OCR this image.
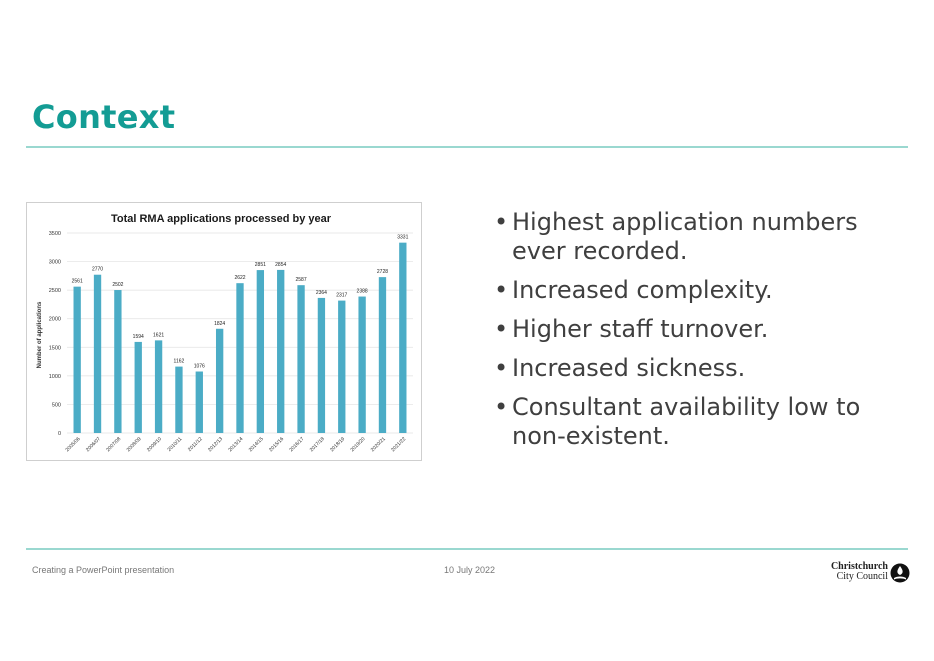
Context
Total RMA applications processed by year
Number of applications
0
500
1000
1500
2000
2500
3000
3500
2561
2770
2502
1594 1621
1162
1076
1824
2622
2851 2854
2587
2364 2317
2388
2728
3331
2005/06 2006/07 2007/08 2008/09 2009/10 2010/11 2011/12 2012/13 2013/14 2014/15 2015/16 2016/17 2017/18 2018/19 2019/20 2020/21 2021/22
• Highest application numbers ever recorded.
• Increased complexity.
• Higher staff turnover.
• Increased sickness.
• Consultant availability low to non-existent.
Creating a PowerPoint presentation	10 July 2022	Christchurch
City Council
